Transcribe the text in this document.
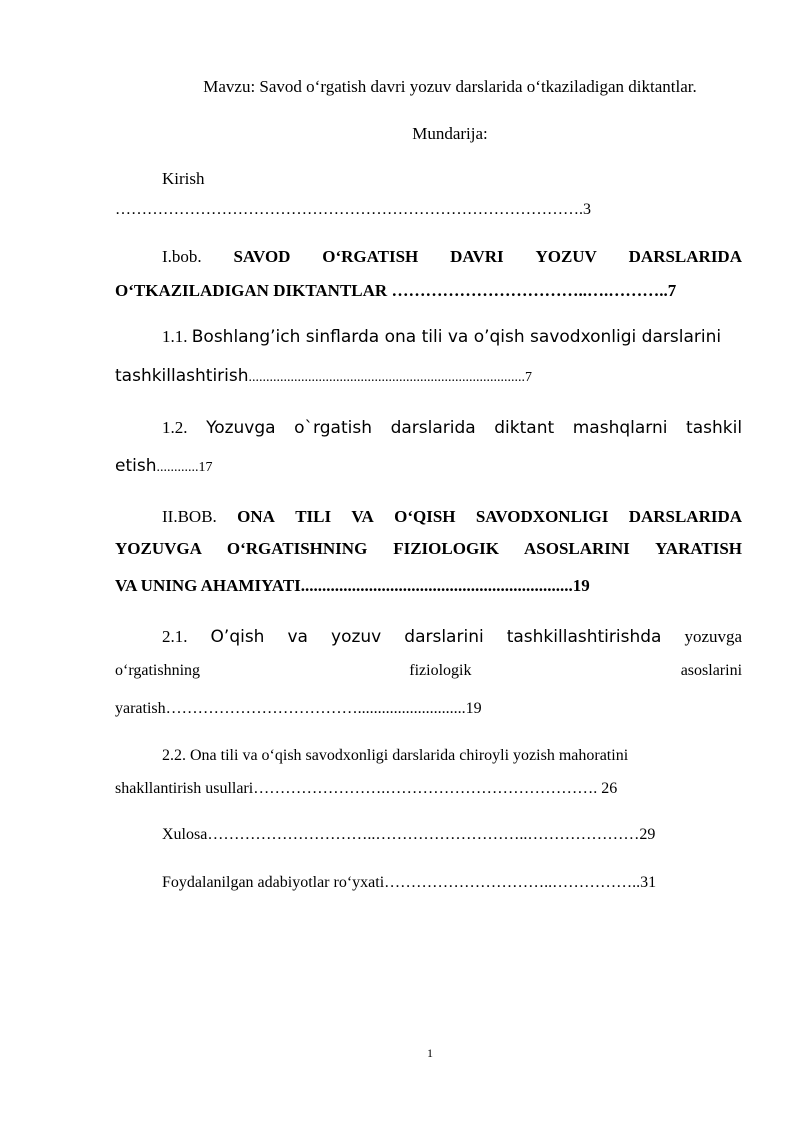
Mavzu: Savod o‘rgatish davri yozuv darslarida o‘tkaziladigan diktantlar.
Mundarija:
Kirish
…………………………………………………………………………….3
I.bob. SAVOD O‘RGATISH DAVRI YOZUV DARSLARIDA
O‘TKAZILADIGAN DIKTANTLAR ……………………………..….………..7
1.1. Boshlang’ich sinflarda ona tili va o’qish savodxonligi darslarini
tashkillashtirish...............................................................................7
1.2. Yozuvga o`rgatish darslarida diktant mashqlarni tashkil
etish............17
II.BOB. ONA TILI VA O‘QISH SAVODXONLIGI DARSLARIDA
YOZUVGA O‘RGATISHNING FIZIOLOGIK ASOSLARINI YARATISH
VA UNING AHAMIYATI................................................................19
2.1. O’qish va yozuv darslarini tashkillashtirishda yozuvga
o‘rgatishning	fiziologik	asoslarini
yaratish………………………………...........................19
2.2. Ona tili va o‘qish savodxonligi darslarida chiroyli yozish mahoratini
shakllantirish usullari…………………….…………………………………. 26
Xulosa…………………………..………………………..…………………29
Foydalanilgan adabiyotlar ro‘yxati…………………………..……………..31
1
